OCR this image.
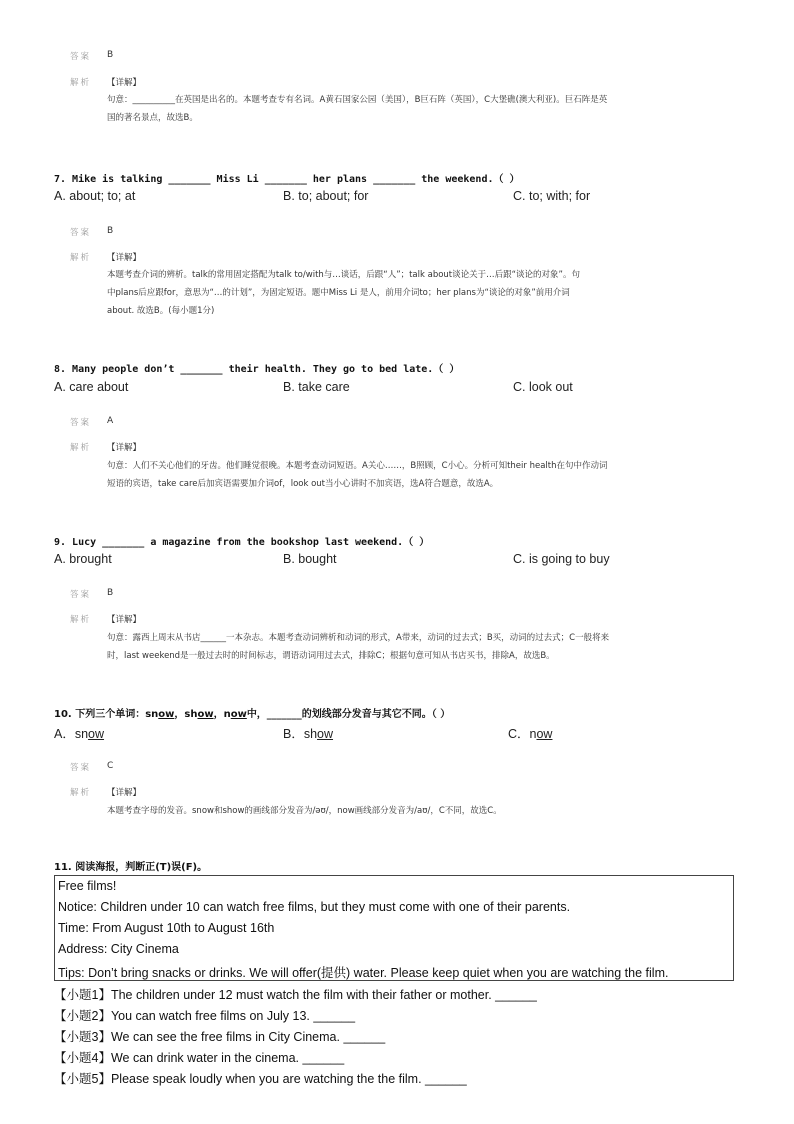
答案 B
解析 【详解】
句意：__________在英国是出名的。本题考查专有名词。A黄石国家公园（美国），B巨石阵（英国），C大堡礁(澳大利亚)。巨石阵是英
国的著名景点，故选B。
7. Mike is talking _______ Miss Li _______ her plans _______ the weekend.（ ）
A. about; to; at	B. to; about; for	C. to; with; for
答案 B
解析 【详解】
本题考查介词的辨析。talk的常用固定搭配为talk to/with与…谈话，后跟“人”；talk about谈论关于…后跟“谈论的对象”。句
中plans后应跟for，意思为“…的计划”，为固定短语。题中Miss Li 是人，前用介词to；her plans为“谈论的对象”前用介词
about. 故选B。(每小题1分)
8. Many people don’t _______ their health. They go to bed late.（ ）
A. care about	B. take care	C. look out
答案 A
解析 【详解】
句意：人们不关心他们的牙齿。他们睡觉很晚。本题考查动词短语。A关心……，B照顾，C小心。分析可知their health在句中作动词
短语的宾语，take care后加宾语需要加介词of，look out当小心讲时不加宾语，选A符合题意，故选A。
9. Lucy _______ a magazine from the bookshop last weekend.（ ）
A. brought	B. bought	C. is going to buy
答案 B
解析 【详解】
句意：露西上周末从书店______一本杂志。本题考查动词辨析和动词的形式，A带来，动词的过去式；B买，动词的过去式；C一般将来
时，last weekend是一般过去时的时间标志，谓语动词用过去式，排除C；根据句意可知从书店买书，排除A，故选B。
10. 下列三个单词：snow，show，now中，_______的划线部分发音与其它不同。（ ）
A．snow	B．show	C．now
答案 C
解析 【详解】
本题考查字母的发音。snow和show的画线部分发音为/əʊ/，now画线部分发音为/aʊ/，C不同，故选C。
11. 阅读海报，判断正(T)误(F)。
Free films!
Notice: Children under 10 can watch free films, but they must come with one of their parents.
Time: From August 10th to August 16th
Address: City Cinema
Tips: Don’t bring snacks or drinks. We will offer(提供) water. Please keep quiet when you are watching the film.
【小题1】The children under 12 must watch the film with their father or mother. ______
【小题2】You can watch free films on July 13. ______
【小题3】We can see the free films in City Cinema. ______
【小题4】We can drink water in the cinema. ______
【小题5】Please speak loudly when you are watching the the film. ______
